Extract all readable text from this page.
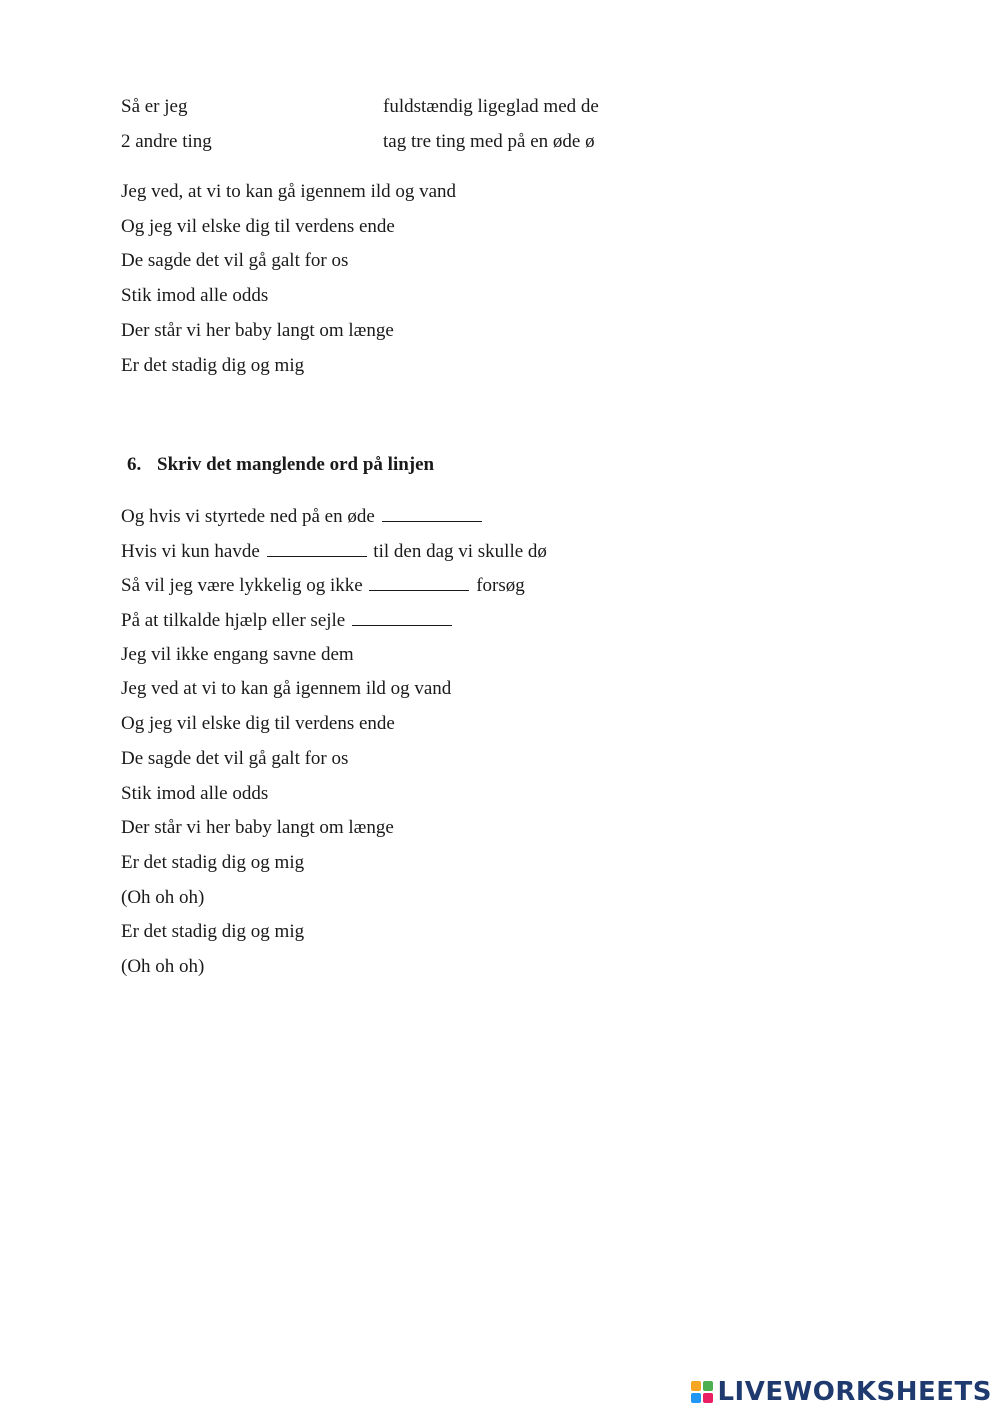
Så er jeg	fuldstændig ligeglad med de
2 andre ting	tag tre ting med på en øde ø
Jeg ved, at vi to kan gå igennem ild og vand
Og jeg vil elske dig til verdens ende
De sagde det vil gå galt for os
Stik imod alle odds
Der står vi her baby langt om længe
Er det stadig dig og mig
6. Skriv det manglende ord på linjen
Og hvis vi styrtede ned på en øde
Hvis vi kun havde	til den dag vi skulle dø
Så vil jeg være lykkelig og ikke	forsøg
På at tilkalde hjælp eller sejle
Jeg vil ikke engang savne dem
Jeg ved at vi to kan gå igennem ild og vand
Og jeg vil elske dig til verdens ende
De sagde det vil gå galt for os
Stik imod alle odds
Der står vi her baby langt om længe
Er det stadig dig og mig
(Oh oh oh)
Er det stadig dig og mig
(Oh oh oh)
LIVEWORKSHEETS
